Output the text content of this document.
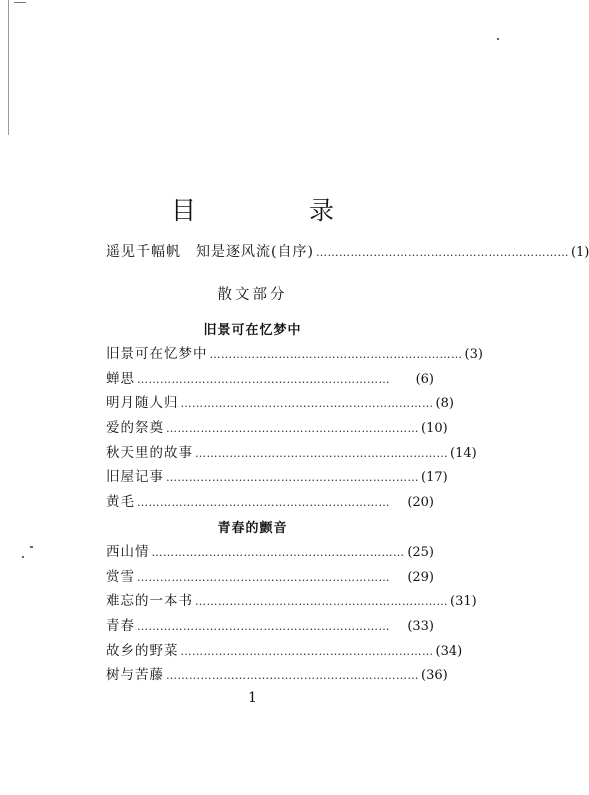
目　录
遥见千幅帆　知是逐风流(自序) ………………………………………………………… (1)
散文部分
旧景可在忆梦中
旧景可在忆梦中 ………………………………………………………… (3)
蝉思 …………………………………………………………	(6)
明月随人归 ………………………………………………………… (8)
爱的祭奠 ………………………………………………………… (10)
秋天里的故事 ………………………………………………………… (14)
旧屋记事 ………………………………………………………… (17)
黄毛 …………………………………………………………	(20)
青春的颤音
西山情 ………………………………………………………… (25)
赏雪 …………………………………………………………	(29)
难忘的一本书 ………………………………………………………… (31)
青春 …………………………………………………………	(33)
故乡的野菜 ………………………………………………………… (34)
树与苦藤 ………………………………………………………… (36)
1
